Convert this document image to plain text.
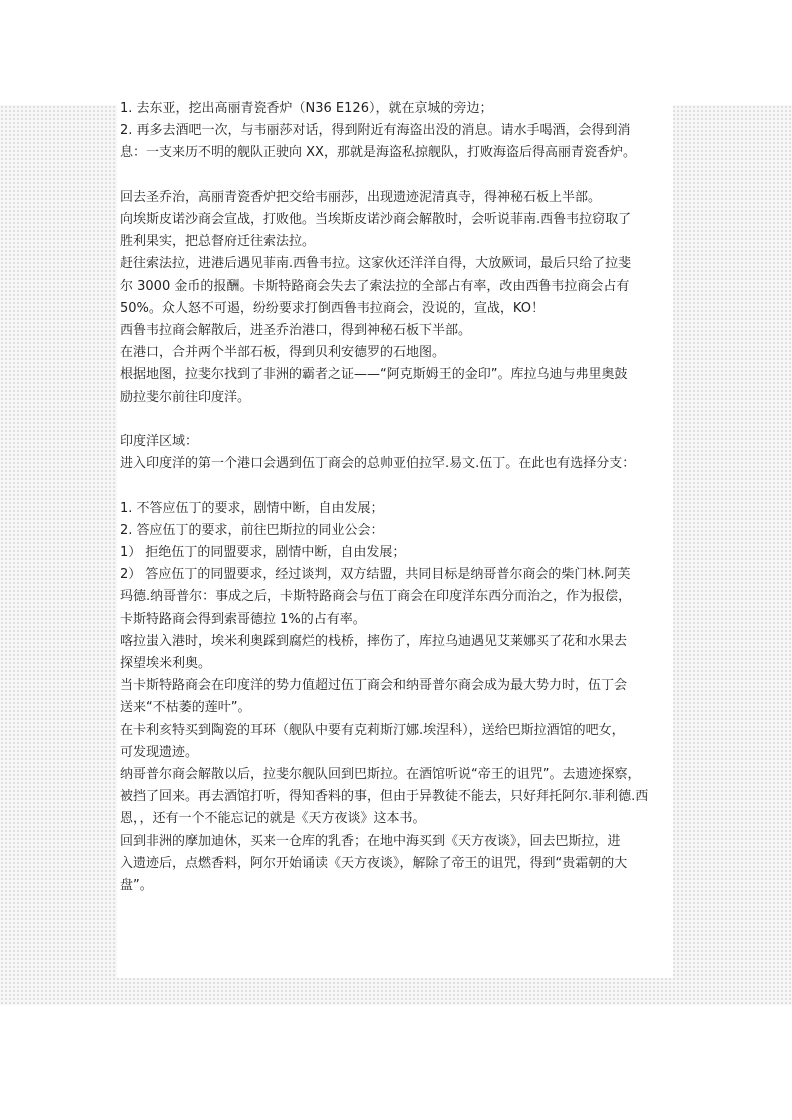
1. 去东亚，挖出高丽青瓷香炉（N36 E126），就在京城的旁边；

2. 再多去酒吧一次，与韦丽莎对话，得到附近有海盗出没的消息。请水手喝酒，会得到消

息：一支来历不明的舰队正驶向 XX，那就是海盗私掠舰队，打败海盗后得高丽青瓷香炉。

回去圣乔治，高丽青瓷香炉把交给韦丽莎，出现遗迹泥清真寺，得神秘石板上半部。

向埃斯皮诺沙商会宣战，打败他。当埃斯皮诺沙商会解散时，会听说菲南.西鲁韦拉窃取了

胜利果实，把总督府迁往索法拉。

赶往索法拉，进港后遇见菲南.西鲁韦拉。这家伙还洋洋自得，大放厥词，最后只给了拉斐

尔 3000 金币的报酬。卡斯特路商会失去了索法拉的全部占有率，改由西鲁韦拉商会占有

50%。众人怒不可遏，纷纷要求打倒西鲁韦拉商会，没说的，宣战，KO！

西鲁韦拉商会解散后，进圣乔治港口，得到神秘石板下半部。

在港口，合并两个半部石板，得到贝利安德罗的石地图。

根据地图，拉斐尔找到了非洲的霸者之证——“阿克斯姆王的金印”。库拉乌迪与弗里奥鼓

励拉斐尔前往印度洋。

印度洋区域：

进入印度洋的第一个港口会遇到伍丁商会的总帅亚伯拉罕.易文.伍丁。在此也有选择分支：

1. 不答应伍丁的要求，剧情中断，自由发展；

2. 答应伍丁的要求，前往巴斯拉的同业公会：

1） 拒绝伍丁的同盟要求，剧情中断，自由发展；

2） 答应伍丁的同盟要求，经过谈判，双方结盟，共同目标是纳哥普尔商会的柴门林.阿芙

玛德.纳哥普尔：事成之后，卡斯特路商会与伍丁商会在印度洋东西分而治之，作为报偿，

卡斯特路商会得到索哥德拉 1%的占有率。

喀拉蚩入港时，埃米利奥踩到腐烂的栈桥，摔伤了，库拉乌迪遇见艾莱娜买了花和水果去

探望埃米利奥。

当卡斯特路商会在印度洋的势力值超过伍丁商会和纳哥普尔商会成为最大势力时，伍丁会

送来“不枯萎的莲叶”。

在卡利亥特买到陶瓷的耳环（舰队中要有克莉斯汀娜.埃涅科），送给巴斯拉酒馆的吧女，

可发现遗迹。

纳哥普尔商会解散以后，拉斐尔舰队回到巴斯拉。在酒馆听说“帝王的诅咒”。去遗迹探察，

被挡了回来。再去酒馆打听，得知香料的事，但由于异教徒不能去，只好拜托阿尔.菲利德.西

恩，，还有一个不能忘记的就是《天方夜谈》这本书。

回到非洲的摩加迪休，买来一仓库的乳香；在地中海买到《天方夜谈》，回去巴斯拉，进

入遗迹后，点燃香料，阿尔开始诵读《天方夜谈》，解除了帝王的诅咒，得到“贵霜朝的大

盘”。
